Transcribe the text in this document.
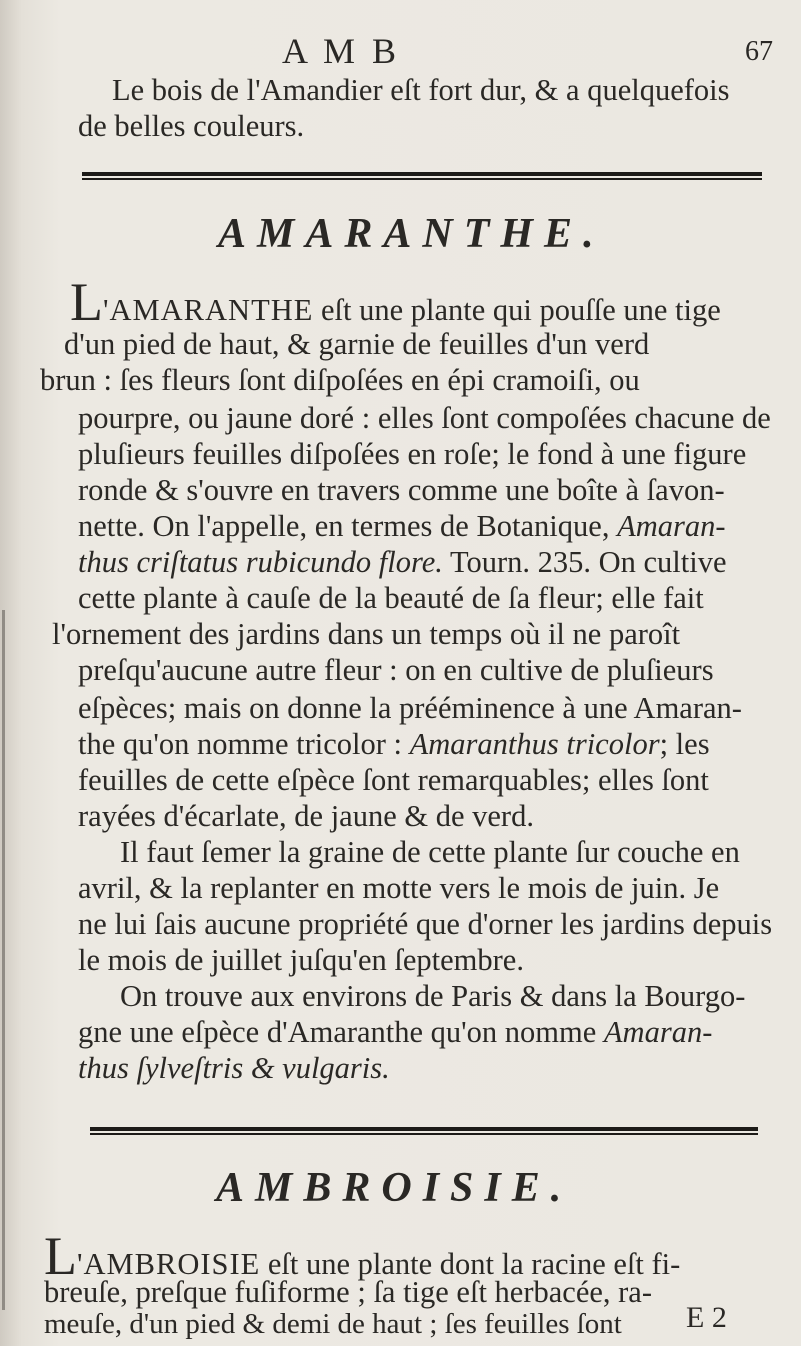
A M B	67
Le bois de l'Amandier eſt fort dur, & a quelquefois
de belles couleurs.
AMARANTHE.
L'AMARANTHE eſt une plante qui pouſſe une tige
d'un pied de haut, & garnie de feuilles d'un verd
brun : ſes fleurs ſont diſpoſées en épi cramoiſi, ou
pourpre, ou jaune doré : elles ſont compoſées chacune de
pluſieurs feuilles diſpoſées en roſe; le fond à une figure
ronde & s'ouvre en travers comme une boîte à ſavon-
nette. On l'appelle, en termes de Botanique, Amaran-
thus criſtatus rubicundo flore. Tourn. 235. On cultive
cette plante à cauſe de la beauté de ſa fleur; elle fait
l'ornement des jardins dans un temps où il ne paroît
preſqu'aucune autre fleur : on en cultive de pluſieurs
eſpèces; mais on donne la prééminence à une Amaran-
the qu'on nomme tricolor : Amaranthus tricolor; les
feuilles de cette eſpèce ſont remarquables; elles ſont
rayées d'écarlate, de jaune & de verd.
Il faut ſemer la graine de cette plante ſur couche en
avril, & la replanter en motte vers le mois de juin. Je
ne lui ſais aucune propriété que d'orner les jardins depuis
le mois de juillet juſqu'en ſeptembre.
On trouve aux environs de Paris & dans la Bourgo-
gne une eſpèce d'Amaranthe qu'on nomme Amaran-
thus ſylveſtris & vulgaris.
AMBROISIE.
L'AMBROISIE eſt une plante dont la racine eſt fi-
breuſe, preſque fuſiforme ; ſa tige eſt herbacée, ra-
meuſe, d'un pied & demi de haut ; ſes feuilles ſont E 2
